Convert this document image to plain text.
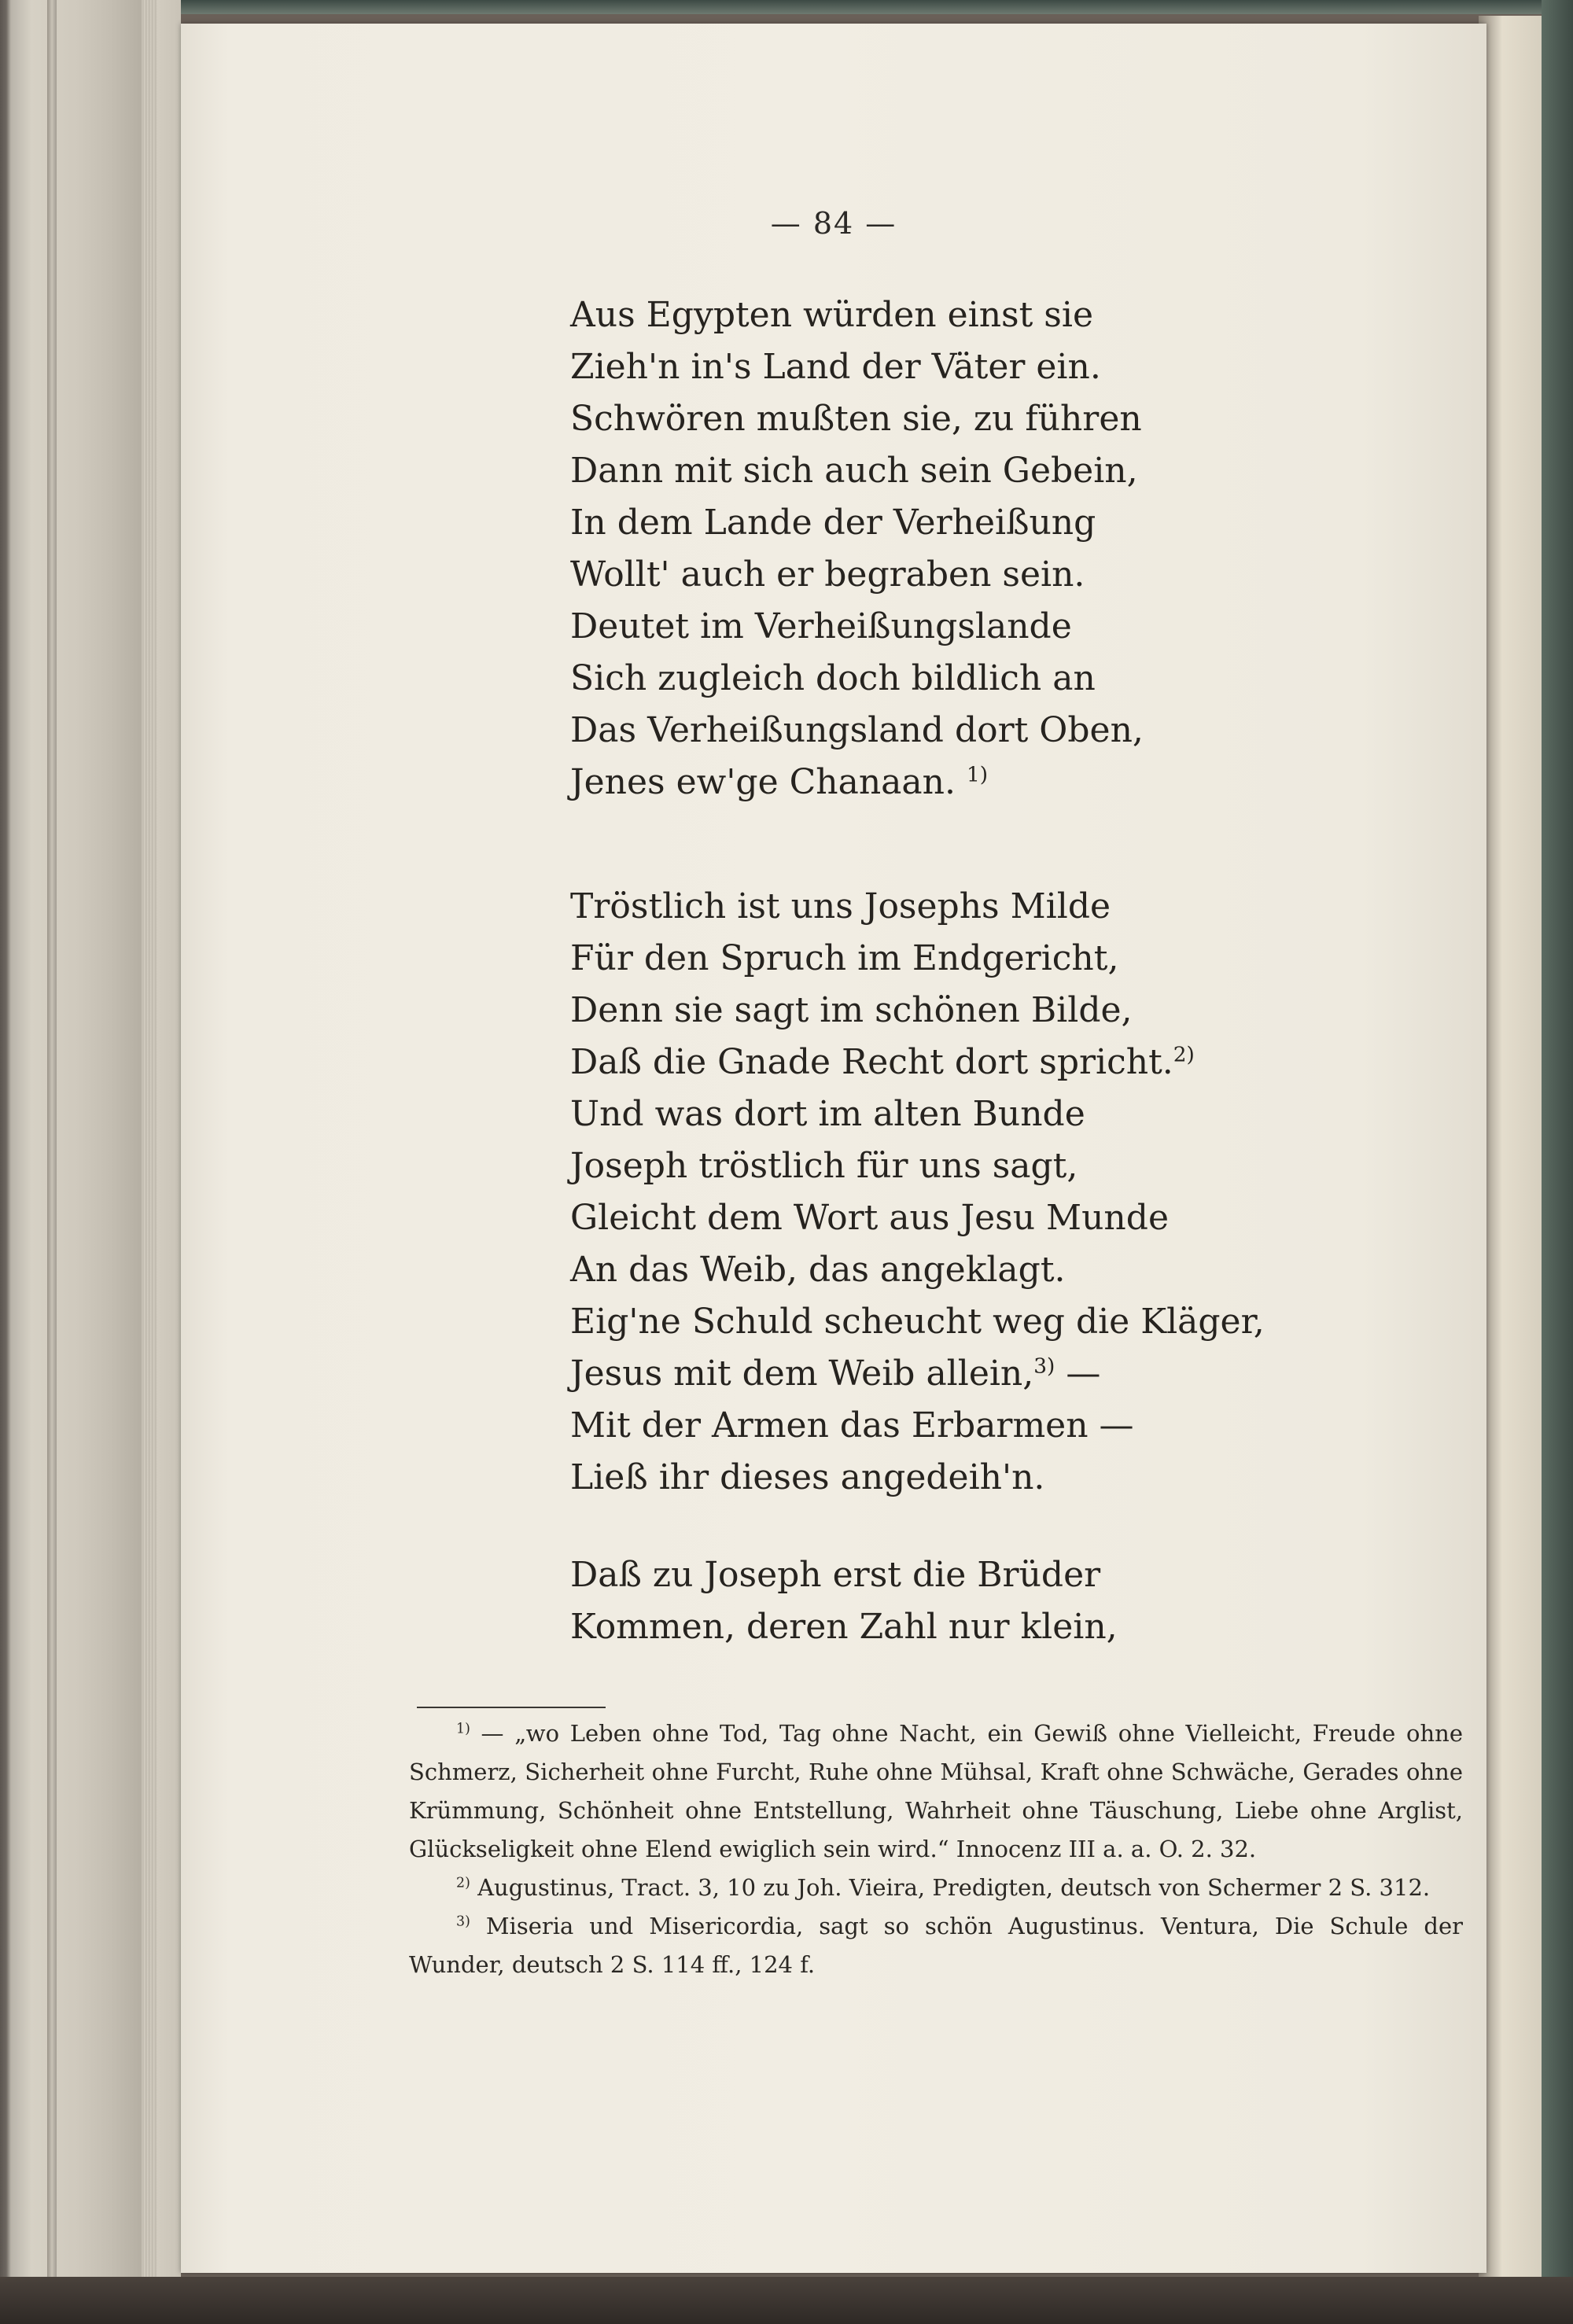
— 84 —
Aus Egypten würden einst sie
Zieh'n in's Land der Väter ein.
Schwören mußten sie, zu führen
Dann mit sich auch sein Gebein,
In dem Lande der Verheißung
Wollt' auch er begraben sein.
Deutet im Verheißungslande
Sich zugleich doch bildlich an
Das Verheißungsland dort Oben,
Jenes ew'ge Chanaan. $^{1)}$
Tröstlich ist uns Josephs Milde
Für den Spruch im Endgericht,
Denn sie sagt im schönen Bilde,
Daß die Gnade Recht dort spricht.$^{2)}$
Und was dort im alten Bunde
Joseph tröstlich für uns sagt,
Gleicht dem Wort aus Jesu Munde
An das Weib, das angeklagt.
Eig'ne Schuld scheucht weg die Kläger,
Jesus mit dem Weib allein,$^{3)}$ —
Mit der Armen das Erbarmen —
Ließ ihr dieses angedeih'n.
Daß zu Joseph erst die Brüder
Kommen, deren Zahl nur klein,

$^{1)}$ — „wo Leben ohne Tod, Tag ohne Nacht, ein Gewiß ohne Vielleicht, Freude ohne Schmerz, Sicherheit ohne Furcht, Ruhe ohne Mühsal, Kraft ohne Schwäche, Gerades ohne Krümmung, Schönheit ohne Entstellung, Wahrheit ohne Täuschung, Liebe ohne Arglist, Glückseligkeit ohne Elend ewiglich sein wird.“ Innocenz III a. a. O. 2. 32.

$^{2)}$ Augustinus, Tract. 3, 10 zu Joh. Vieira, Predigten, deutsch von Schermer 2 S. 312.

$^{3)}$ Miseria und Misericordia, sagt so schön Augustinus. Ventura, Die Schule der Wunder, deutsch 2 S. 114 ff., 124 f.
